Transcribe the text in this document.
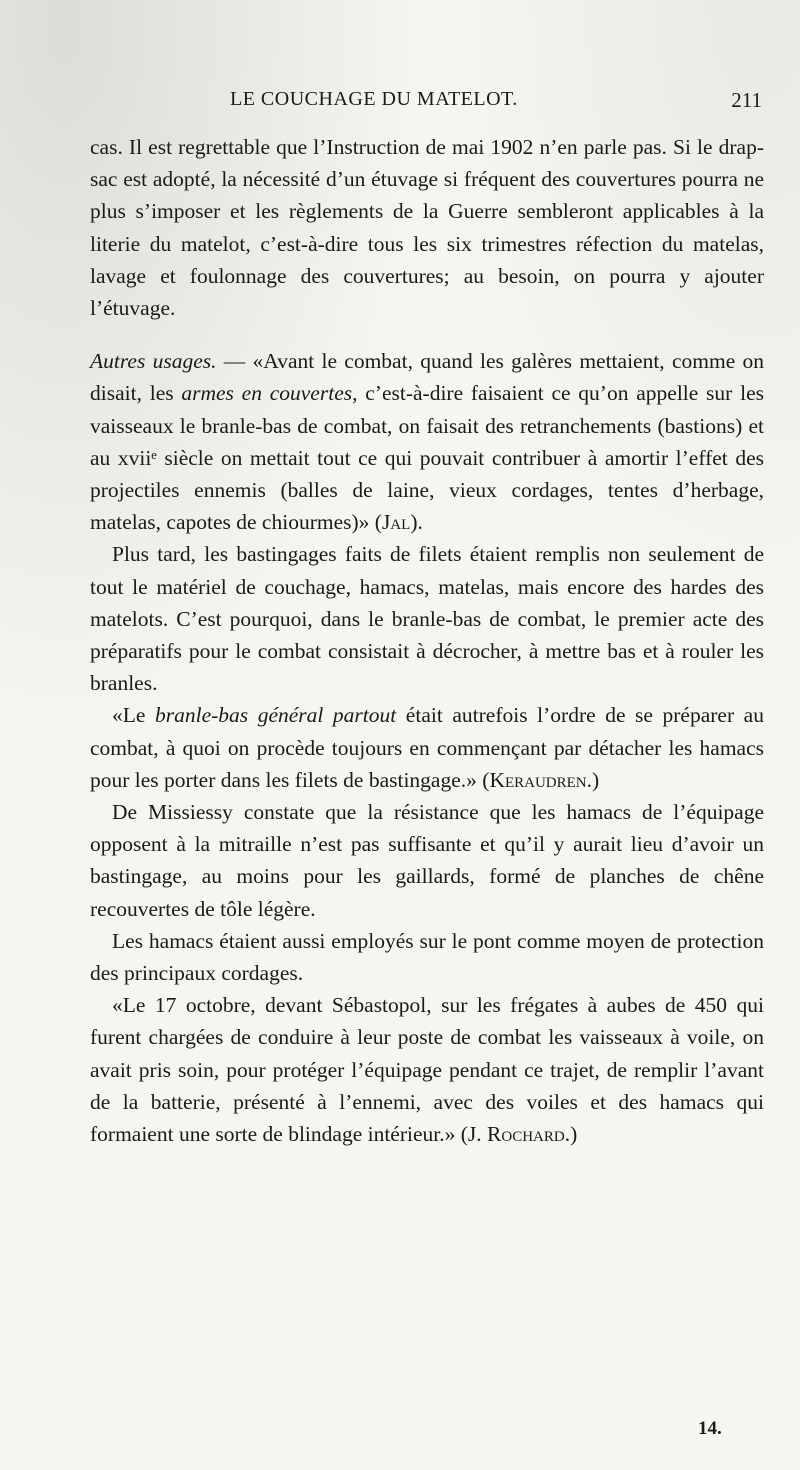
LE COUCHAGE DU MATELOT.	211

cas. Il est regrettable que l’Instruction de mai 1902 n’en parle pas. Si le drap-sac est adopté, la nécessité d’un étuvage si fréquent des couvertures pourra ne plus s’imposer et les règlements de la Guerre sembleront applicables à la literie du matelot, c’est-à-dire tous les six trimestres réfection du matelas, lavage et foulonnage des couvertures; au besoin, on pourra y ajouter l’étuvage.

Autres usages. — «Avant le combat, quand les galères mettaient, comme on disait, les armes en couvertes, c’est-à-dire faisaient ce qu’on appelle sur les vaisseaux le branle-bas de combat, on faisait des retranchements (bastions) et au xviiᵉ siècle on mettait tout ce qui pouvait contribuer à amortir l’effet des projectiles ennemis (balles de laine, vieux cordages, tentes d’herbage, matelas, capotes de chiourmes)» (Jal).

Plus tard, les bastingages faits de filets étaient remplis non seulement de tout le matériel de couchage, hamacs, matelas, mais encore des hardes des matelots. C’est pourquoi, dans le branle-bas de combat, le premier acte des préparatifs pour le combat consistait à décrocher, à mettre bas et à rouler les branles.

«Le branle-bas général partout était autrefois l’ordre de se préparer au combat, à quoi on procède toujours en commençant par détacher les hamacs pour les porter dans les filets de bastingage.» (Keraudren.)

De Missiessy constate que la résistance que les hamacs de l’équipage opposent à la mitraille n’est pas suffisante et qu’il y aurait lieu d’avoir un bastingage, au moins pour les gaillards, formé de planches de chêne recouvertes de tôle légère.

Les hamacs étaient aussi employés sur le pont comme moyen de protection des principaux cordages.

«Le 17 octobre, devant Sébastopol, sur les frégates à aubes de 450 qui furent chargées de conduire à leur poste de combat les vaisseaux à voile, on avait pris soin, pour protéger l’équipage pendant ce trajet, de remplir l’avant de la batterie, présenté à l’ennemi, avec des voiles et des hamacs qui formaient une sorte de blindage intérieur.» (J. Rochard.)

14.
